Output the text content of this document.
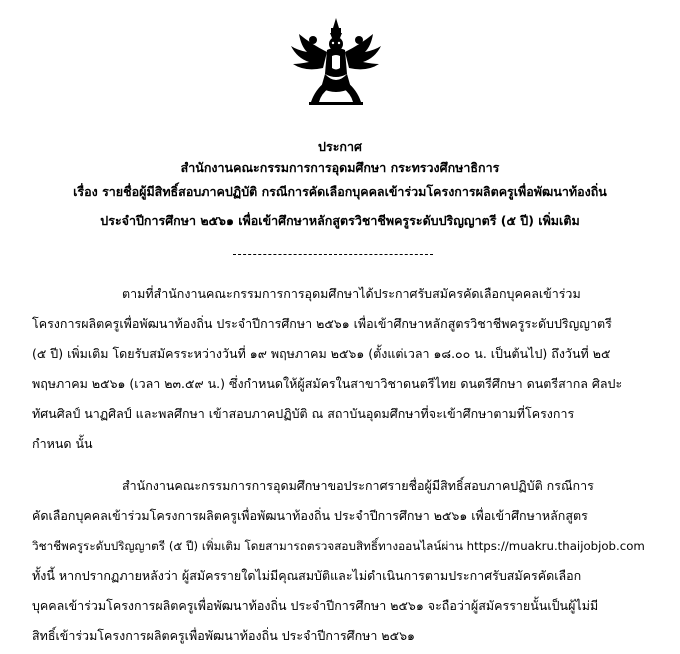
ประกาศ
สำนักงานคณะกรรมการการอุดมศึกษา กระทรวงศึกษาธิการ
เรื่อง รายชื่อผู้มีสิทธิ์สอบภาคปฏิบัติ กรณีการคัดเลือกบุคคลเข้าร่วมโครงการผลิตครูเพื่อพัฒนาท้องถิ่น
ประจำปีการศึกษา ๒๕๖๑ เพื่อเข้าศึกษาหลักสูตรวิชาชีพครูระดับปริญญาตรี (๕ ปี) เพิ่มเติม
ตามที่สำนักงานคณะกรรมการการอุดมศึกษาได้ประกาศรับสมัครคัดเลือกบุคคลเข้าร่วม
โครงการผลิตครูเพื่อพัฒนาท้องถิ่น ประจำปีการศึกษา ๒๕๖๑ เพื่อเข้าศึกษาหลักสูตรวิชาชีพครูระดับปริญญาตรี
(๕ ปี) เพิ่มเติม โดยรับสมัครระหว่างวันที่ ๑๙ พฤษภาคม ๒๕๖๑ (ตั้งแต่เวลา ๑๘.๐๐ น. เป็นต้นไป) ถึงวันที่ ๒๕
พฤษภาคม ๒๕๖๑ (เวลา ๒๓.๕๙ น.) ซึ่งกำหนดให้ผู้สมัครในสาขาวิชาดนตรีไทย ดนตรีศึกษา ดนตรีสากล ศิลปะ
ทัศนศิลป์ นาฏศิลป์ และพลศึกษา เข้าสอบภาคปฏิบัติ ณ สถาบันอุดมศึกษาที่จะเข้าศึกษาตามที่โครงการ
กำหนด นั้น
สำนักงานคณะกรรมการการอุดมศึกษาขอประกาศรายชื่อผู้มีสิทธิ์สอบภาคปฏิบัติ กรณีการ
คัดเลือกบุคคลเข้าร่วมโครงการผลิตครูเพื่อพัฒนาท้องถิ่น ประจำปีการศึกษา ๒๕๖๑ เพื่อเข้าศึกษาหลักสูตร
วิชาชีพครูระดับปริญญาตรี (๕ ปี) เพิ่มเติม โดยสามารถตรวจสอบสิทธิ์ทางออนไลน์ผ่าน https://muakru.thaijobjob.com
ทั้งนี้ หากปรากฏภายหลังว่า ผู้สมัครรายใดไม่มีคุณสมบัติและไม่ดำเนินการตามประกาศรับสมัครคัดเลือก
บุคคลเข้าร่วมโครงการผลิตครูเพื่อพัฒนาท้องถิ่น ประจำปีการศึกษา ๒๕๖๑ จะถือว่าผู้สมัครรายนั้นเป็นผู้ไม่มี
สิทธิ์เข้าร่วมโครงการผลิตครูเพื่อพัฒนาท้องถิ่น ประจำปีการศึกษา ๒๕๖๑
